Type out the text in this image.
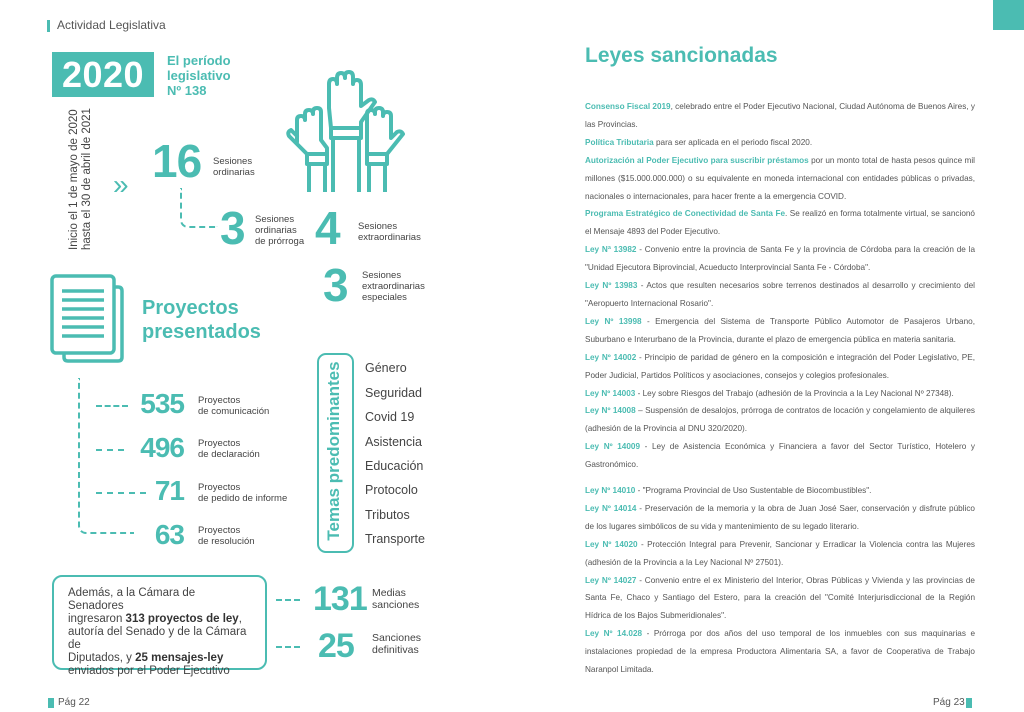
Actividad Legislativa
2020	El período
legislativo
Nº 138
Inicio el 1 de mayo de 2020 hasta el 30 de abril de 2021 » 16 Sesiones
ordinarias
3 Sesiones
ordinarias
de prórroga 4 Sesiones
extraordinarias
3 Sesiones
extraordinarias
especiales
Proyectos
presentados
535 Proyectos
de comunicación
496 Proyectos
de declaración
71 Proyectos
de pedido de informe
63 Proyectos
de resolución
Temas predominantes Género
Seguridad
Covid 19
Asistencia
Educación
Protocolo
Tributos
Transporte
Además, a la Cámara de Senadores
ingresaron 313 proyectos de ley,
autoría del Senado y de la Cámara de
Diputados, y 25 mensajes-ley
enviados por el Poder Ejecutivo
131 Medias
sanciones
25 Sanciones
definitivas
Pág 22
Leyes sancionadas

Consenso Fiscal 2019, celebrado entre el Poder Ejecutivo Nacional, Ciudad Autónoma de Buenos Aires, y las Provincias.

Política Tributaria para ser aplicada en el periodo fiscal 2020.

Autorización al Poder Ejecutivo para suscribir préstamos por un monto total de hasta pesos quince mil millones ($15.000.000.000) o su equivalente en moneda internacional con entidades públicas o privadas, nacionales o internacionales, para hacer frente a la emergencia COVID.

Programa Estratégico de Conectividad de Santa Fe. Se realizó en forma totalmente virtual, se sancionó el Mensaje 4893 del Poder Ejecutivo.

Ley Nª 13982 - Convenio entre la provincia de Santa Fe y la provincia de Córdoba para la creación de la "Unidad Ejecutora Biprovincial, Acueducto Interprovincial Santa Fe - Córdoba".

Ley Nº 13983 - Actos que resulten necesarios sobre terrenos destinados al desarrollo y crecimiento del "Aeropuerto Internacional Rosario".

Ley Nº 13998 - Emergencia del Sistema de Transporte Público Automotor de Pasajeros Urbano, Suburbano e Interurbano de la Provincia, durante el plazo de emergencia pública en materia sanitaria.

Ley Nº 14002 - Principio de paridad de género en la composición e integración del Poder Legislativo, PE, Poder Judicial, Partidos Políticos y asociaciones, consejos y colegios profesionales.

Ley Nº 14003 - Ley sobre Riesgos del Trabajo (adhesión de la Provincia a la Ley Nacional Nº 27348).

Ley Nº 14008 – Suspensión de desalojos, prórroga de contratos de locación y congelamiento de alquileres (adhesión de la Provincia al DNU 320/2020).

Ley Nº 14009 - Ley de Asistencia Económica y Financiera a favor del Sector Turístico, Hotelero y Gastronómico.

Ley Nº 14010 - "Programa Provincial de Uso Sustentable de Biocombustibles".

Ley Nº 14014 - Preservación de la memoria y la obra de Juan José Saer, conservación y disfrute público de los lugares simbólicos de su vida y mantenimiento de su legado literario.

Ley Nº 14020 - Protección Integral para Prevenir, Sancionar y Erradicar la Violencia contra las Mujeres (adhesión de la Provincia a la Ley Nacional Nº 27501).

Ley Nº 14027 - Convenio entre el ex Ministerio del Interior, Obras Públicas y Vivienda y las provincias de Santa Fe, Chaco y Santiago del Estero, para la creación del "Comité Interjurisdiccional de la Región Hídrica de los Bajos Submeridionales".

Ley Nº 14.028 - Prórroga por dos años del uso temporal de los inmuebles con sus maquinarias e instalaciones propiedad de la empresa Productora Alimentaria SA, a favor de Cooperativa de Trabajo Naranpol Limitada.

Pág 23
